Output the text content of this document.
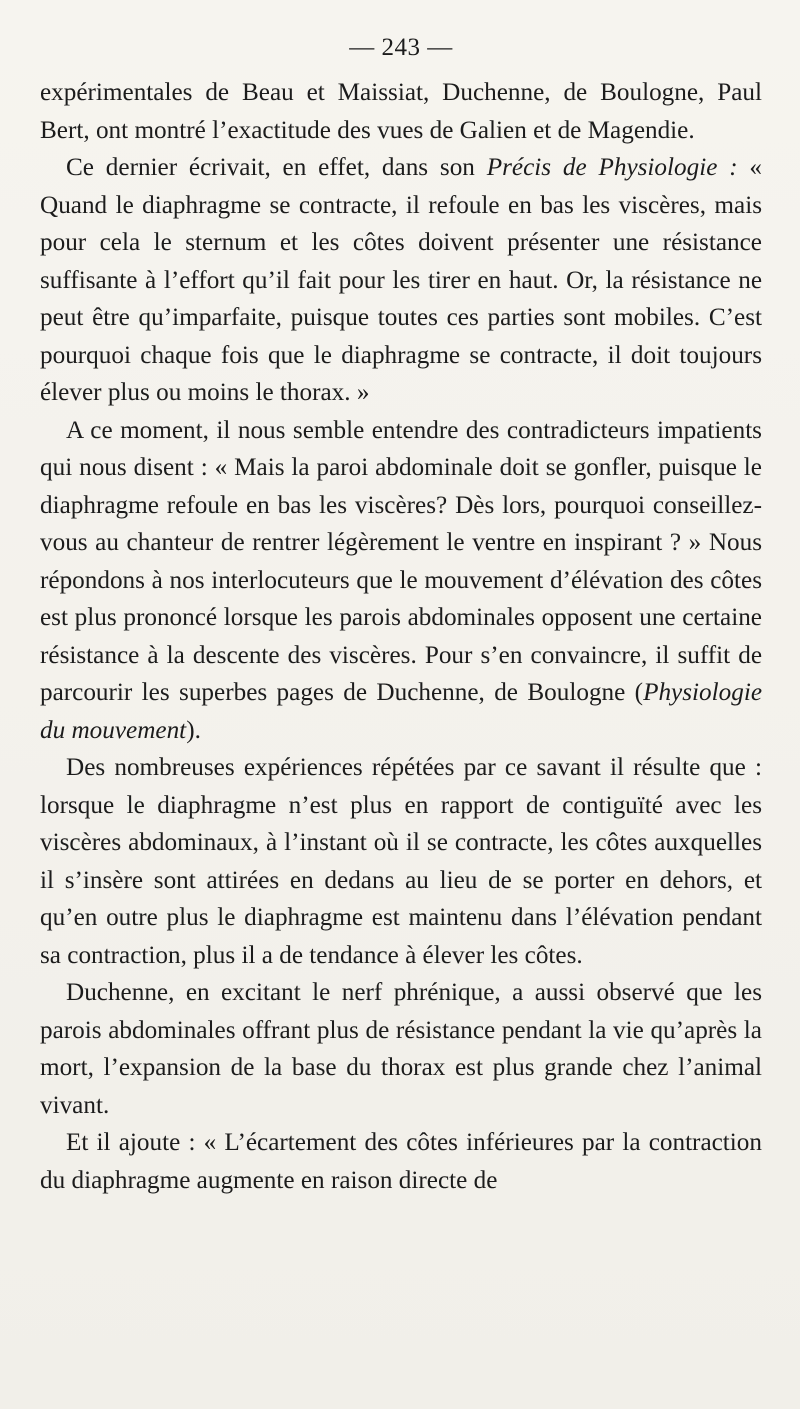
— 243 —

expérimentales de Beau et Maissiat, Duchenne, de Boulogne, Paul Bert, ont montré l’exactitude des vues de Galien et de Magendie.

Ce dernier écrivait, en effet, dans son Précis de Physiologie : « Quand le diaphragme se contracte, il refoule en bas les viscères, mais pour cela le sternum et les côtes doivent présenter une résistance suffisante à l’effort qu’il fait pour les tirer en haut. Or, la résistance ne peut être qu’imparfaite, puisque toutes ces parties sont mobiles. C’est pourquoi chaque fois que le diaphragme se contracte, il doit toujours élever plus ou moins le thorax. »

A ce moment, il nous semble entendre des contradicteurs impatients qui nous disent : « Mais la paroi abdominale doit se gonfler, puisque le diaphragme refoule en bas les viscères? Dès lors, pourquoi conseillez-vous au chanteur de rentrer légèrement le ventre en inspirant ? » Nous répondons à nos interlocuteurs que le mouvement d’élévation des côtes est plus prononcé lorsque les parois abdominales opposent une certaine résistance à la descente des viscères. Pour s’en convaincre, il suffit de parcourir les superbes pages de Duchenne, de Boulogne (Physiologie du mouvement).

Des nombreuses expériences répétées par ce savant il résulte que : lorsque le diaphragme n’est plus en rapport de contiguïté avec les viscères abdominaux, à l’instant où il se contracte, les côtes auxquelles il s’insère sont attirées en dedans au lieu de se porter en dehors, et qu’en outre plus le diaphragme est maintenu dans l’élévation pendant sa contraction, plus il a de tendance à élever les côtes.

Duchenne, en excitant le nerf phrénique, a aussi observé que les parois abdominales offrant plus de résistance pendant la vie qu’après la mort, l’expansion de la base du thorax est plus grande chez l’animal vivant.

Et il ajoute : « L’écartement des côtes inférieures par la contraction du diaphragme augmente en raison directe de
